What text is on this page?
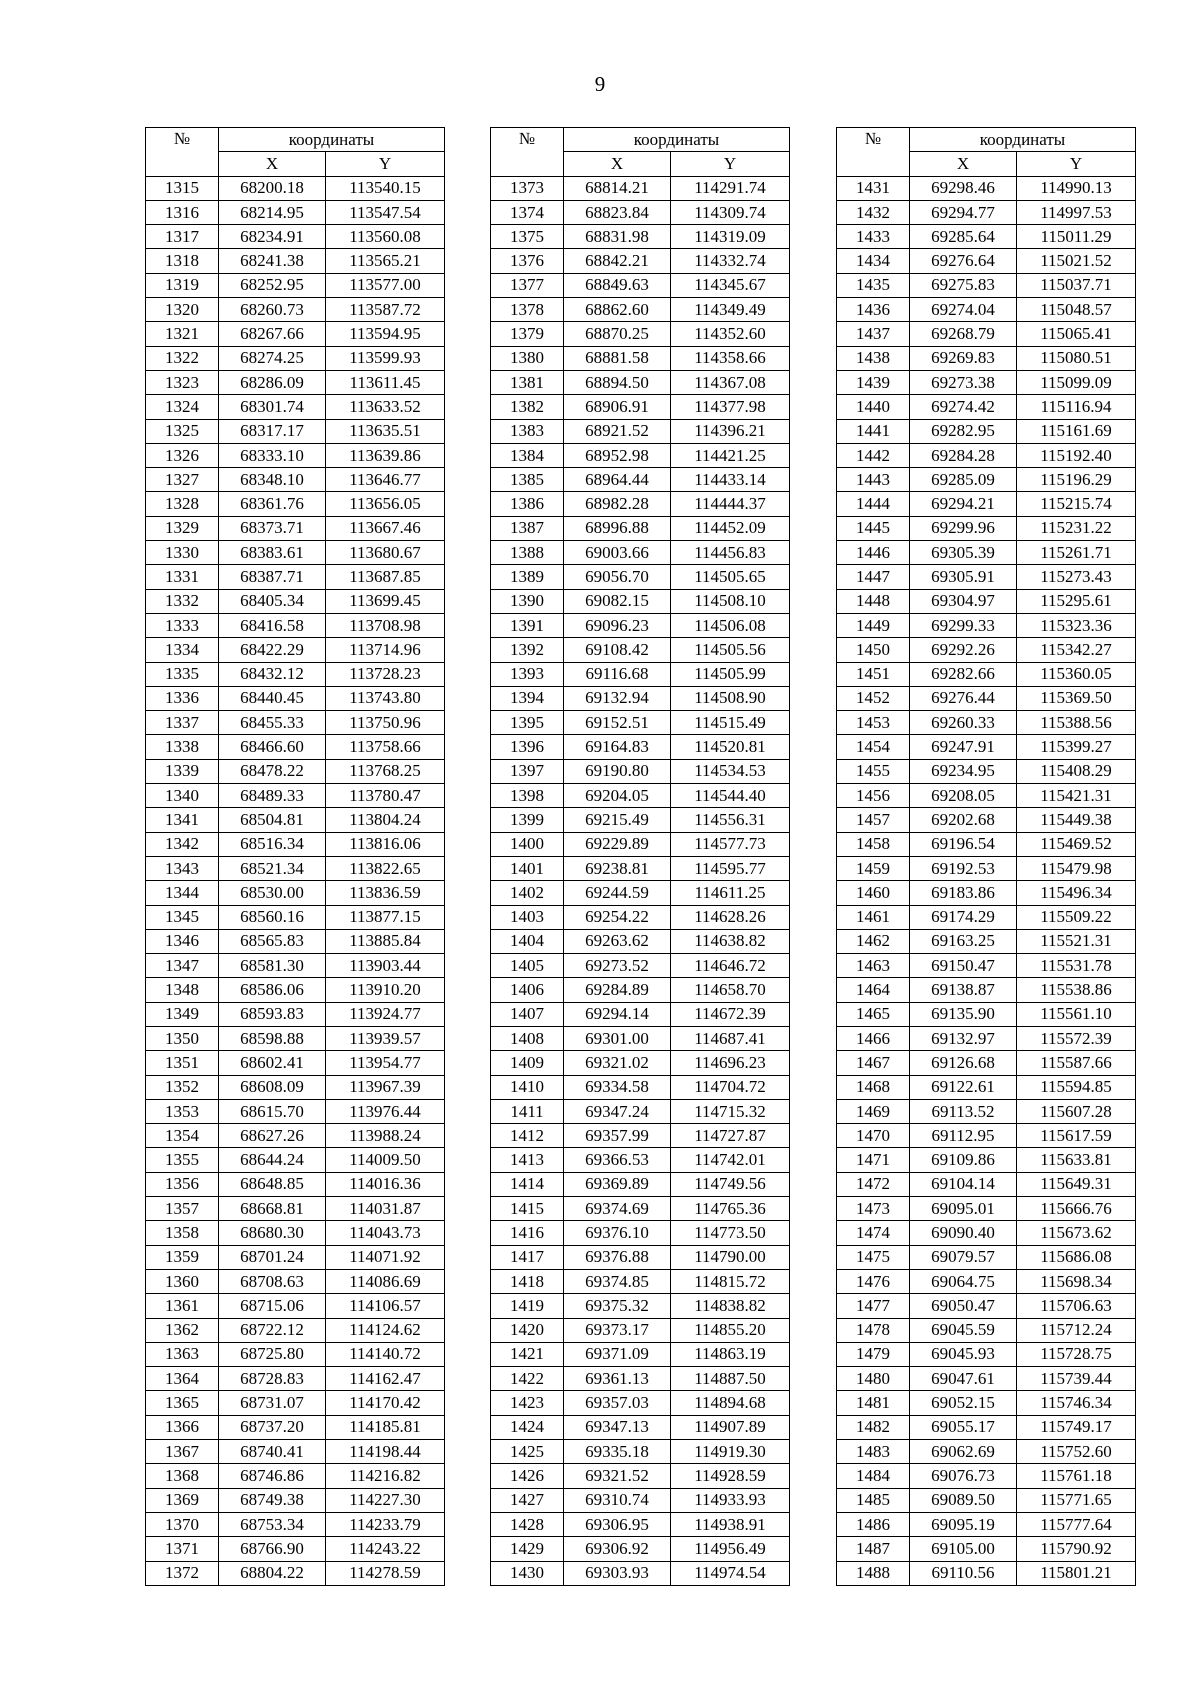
9
№	координаты	
	X	Y
1315	68200.18	113540.15
1316	68214.95	113547.54
1317	68234.91	113560.08
1318	68241.38	113565.21
1319	68252.95	113577.00
1320	68260.73	113587.72
1321	68267.66	113594.95
1322	68274.25	113599.93
1323	68286.09	113611.45
1324	68301.74	113633.52
1325	68317.17	113635.51
1326	68333.10	113639.86
1327	68348.10	113646.77
1328	68361.76	113656.05
1329	68373.71	113667.46
1330	68383.61	113680.67
1331	68387.71	113687.85
1332	68405.34	113699.45
1333	68416.58	113708.98
1334	68422.29	113714.96
1335	68432.12	113728.23
1336	68440.45	113743.80
1337	68455.33	113750.96
1338	68466.60	113758.66
1339	68478.22	113768.25
1340	68489.33	113780.47
1341	68504.81	113804.24
1342	68516.34	113816.06
1343	68521.34	113822.65
1344	68530.00	113836.59
1345	68560.16	113877.15
1346	68565.83	113885.84
1347	68581.30	113903.44
1348	68586.06	113910.20
1349	68593.83	113924.77
1350	68598.88	113939.57
1351	68602.41	113954.77
1352	68608.09	113967.39
1353	68615.70	113976.44
1354	68627.26	113988.24
1355	68644.24	114009.50
1356	68648.85	114016.36
1357	68668.81	114031.87
1358	68680.30	114043.73
1359	68701.24	114071.92
1360	68708.63	114086.69
1361	68715.06	114106.57
1362	68722.12	114124.62
1363	68725.80	114140.72
1364	68728.83	114162.47
1365	68731.07	114170.42
1366	68737.20	114185.81
1367	68740.41	114198.44
1368	68746.86	114216.82
1369	68749.38	114227.30
1370	68753.34	114233.79
1371	68766.90	114243.22
1372	68804.22	114278.59
№	координаты	
	X	Y
1373	68814.21	114291.74
1374	68823.84	114309.74
1375	68831.98	114319.09
1376	68842.21	114332.74
1377	68849.63	114345.67
1378	68862.60	114349.49
1379	68870.25	114352.60
1380	68881.58	114358.66
1381	68894.50	114367.08
1382	68906.91	114377.98
1383	68921.52	114396.21
1384	68952.98	114421.25
1385	68964.44	114433.14
1386	68982.28	114444.37
1387	68996.88	114452.09
1388	69003.66	114456.83
1389	69056.70	114505.65
1390	69082.15	114508.10
1391	69096.23	114506.08
1392	69108.42	114505.56
1393	69116.68	114505.99
1394	69132.94	114508.90
1395	69152.51	114515.49
1396	69164.83	114520.81
1397	69190.80	114534.53
1398	69204.05	114544.40
1399	69215.49	114556.31
1400	69229.89	114577.73
1401	69238.81	114595.77
1402	69244.59	114611.25
1403	69254.22	114628.26
1404	69263.62	114638.82
1405	69273.52	114646.72
1406	69284.89	114658.70
1407	69294.14	114672.39
1408	69301.00	114687.41
1409	69321.02	114696.23
1410	69334.58	114704.72
1411	69347.24	114715.32
1412	69357.99	114727.87
1413	69366.53	114742.01
1414	69369.89	114749.56
1415	69374.69	114765.36
1416	69376.10	114773.50
1417	69376.88	114790.00
1418	69374.85	114815.72
1419	69375.32	114838.82
1420	69373.17	114855.20
1421	69371.09	114863.19
1422	69361.13	114887.50
1423	69357.03	114894.68
1424	69347.13	114907.89
1425	69335.18	114919.30
1426	69321.52	114928.59
1427	69310.74	114933.93
1428	69306.95	114938.91
1429	69306.92	114956.49
1430	69303.93	114974.54
№	координаты	
	X	Y
1431	69298.46	114990.13
1432	69294.77	114997.53
1433	69285.64	115011.29
1434	69276.64	115021.52
1435	69275.83	115037.71
1436	69274.04	115048.57
1437	69268.79	115065.41
1438	69269.83	115080.51
1439	69273.38	115099.09
1440	69274.42	115116.94
1441	69282.95	115161.69
1442	69284.28	115192.40
1443	69285.09	115196.29
1444	69294.21	115215.74
1445	69299.96	115231.22
1446	69305.39	115261.71
1447	69305.91	115273.43
1448	69304.97	115295.61
1449	69299.33	115323.36
1450	69292.26	115342.27
1451	69282.66	115360.05
1452	69276.44	115369.50
1453	69260.33	115388.56
1454	69247.91	115399.27
1455	69234.95	115408.29
1456	69208.05	115421.31
1457	69202.68	115449.38
1458	69196.54	115469.52
1459	69192.53	115479.98
1460	69183.86	115496.34
1461	69174.29	115509.22
1462	69163.25	115521.31
1463	69150.47	115531.78
1464	69138.87	115538.86
1465	69135.90	115561.10
1466	69132.97	115572.39
1467	69126.68	115587.66
1468	69122.61	115594.85
1469	69113.52	115607.28
1470	69112.95	115617.59
1471	69109.86	115633.81
1472	69104.14	115649.31
1473	69095.01	115666.76
1474	69090.40	115673.62
1475	69079.57	115686.08
1476	69064.75	115698.34
1477	69050.47	115706.63
1478	69045.59	115712.24
1479	69045.93	115728.75
1480	69047.61	115739.44
1481	69052.15	115746.34
1482	69055.17	115749.17
1483	69062.69	115752.60
1484	69076.73	115761.18
1485	69089.50	115771.65
1486	69095.19	115777.64
1487	69105.00	115790.92
1488	69110.56	115801.21
